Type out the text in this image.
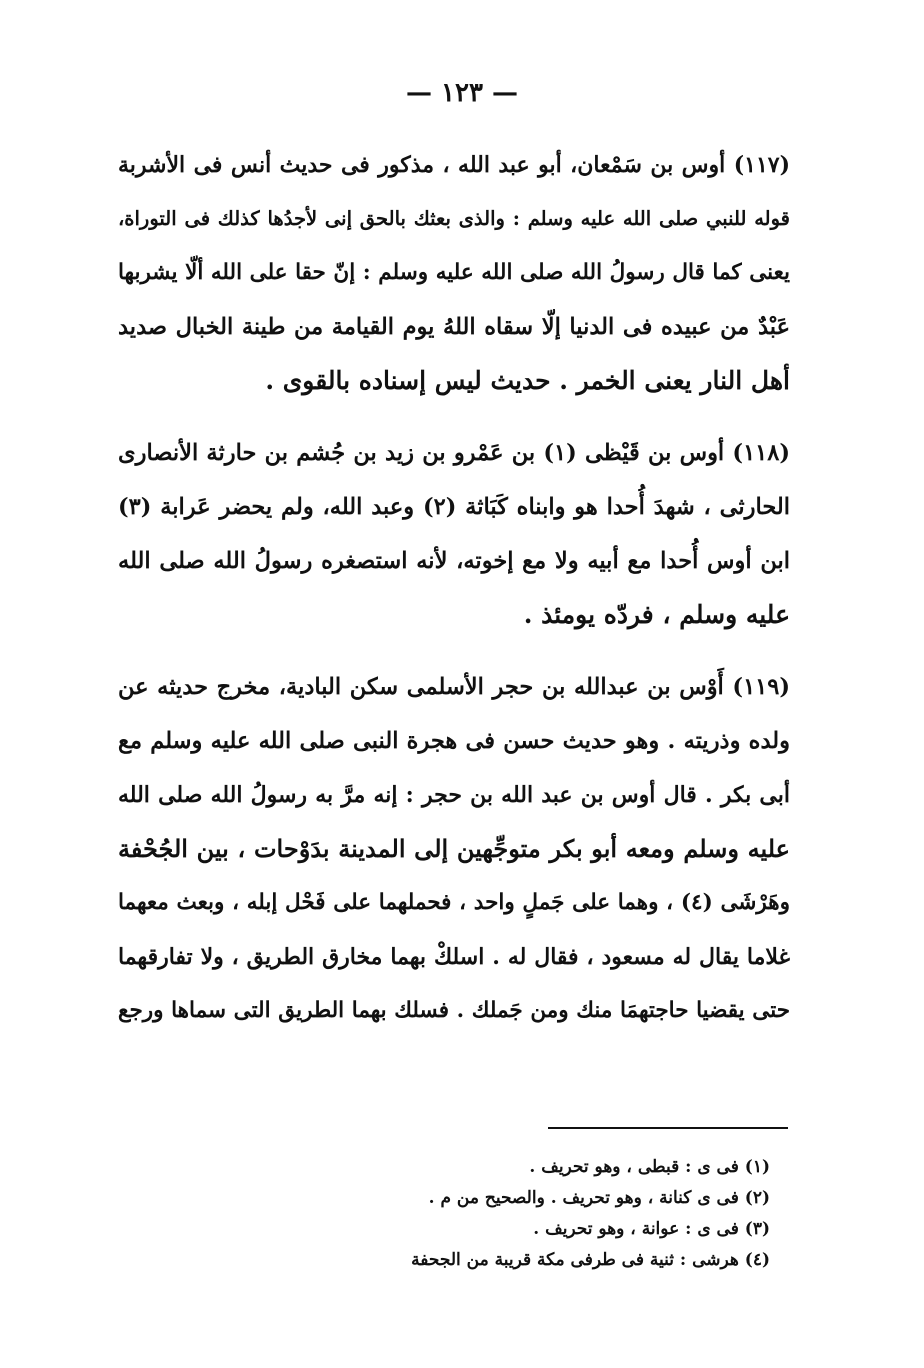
— ١٢٣ —
(١١٧) أوس بن سَمْعان، أبو عبد الله ، مذكور فى حديث أنس فى الأشربة
قوله للنبي صلى الله عليه وسلم : والذى بعثك بالحق إنى لأجدُها كذلك فى التوراة،
يعنى كما قال رسولُ الله صلى الله عليه وسلم : إنّ حقا على الله ألّا يشربها
عَبْدٌ من عبيده فى الدنيا إلّا سقاه اللهُ يوم القيامة من طينة الخبال صديد
أهل النار يعنى الخمر . حديث ليس إسناده بالقوى .
(١١٨) أوس بن قَيْظى (١) بن عَمْرو بن زيد بن جُشم بن حارثة الأنصارى
الحارثى ، شهدَ أُحدا هو وابناه كَبَاثة (٢) وعبد الله، ولم يحضر عَرابة (٣)
ابن أوس أُحدا مع أبيه ولا مع إخوته، لأنه استصغره رسولُ الله صلى الله
عليه وسلم ، فردّه يومئذ .
(١١٩) أَوْس بن عبدالله بن حجر الأسلمى سكن البادية، مخرج حديثه عن
ولده وذريته . وهو حديث حسن فى هجرة النبى صلى الله عليه وسلم مع
أبى بكر . قال أوس بن عبد الله بن حجر : إنه مرَّ به رسولُ الله صلى الله
عليه وسلم ومعه أبو بكر متوجِّهين إلى المدينة بدَوْحات ، بين الجُحْفة
وهَرْشَى (٤) ، وهما على جَملٍ واحد ، فحملهما على فَحْل إبله ، وبعث معهما
غلاما يقال له مسعود ، فقال له . اسلكْ بهما مخارق الطريق ، ولا تفارقهما
حتى يقضيا حاجتهمَا منك ومن جَملك . فسلك بهما الطريق التى سماها ورجع
(١) فى ى : قبطى ، وهو تحريف .
(٢) فى ى كنانة ، وهو تحريف . والصحيح من م .
(٣) فى ى : عوانة ، وهو تحريف .
(٤) هرشى : ثنية فى طرفى مكة قريبة من الجحفة
